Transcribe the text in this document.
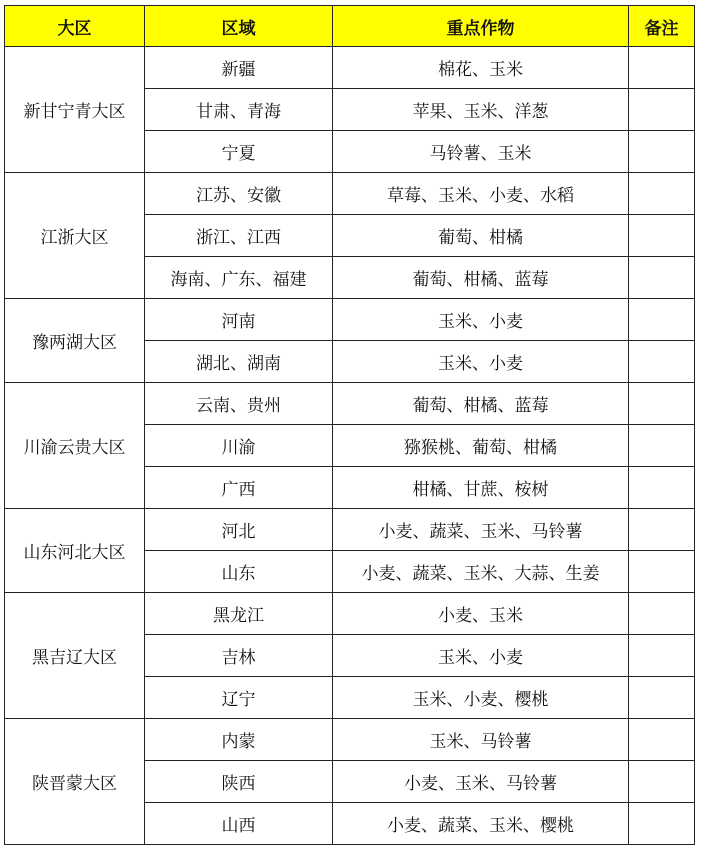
大区	区域	重点作物	备注
新甘宁青大区	新疆	棉花、玉米	
	甘肃、青海	苹果、玉米、洋葱	
	宁夏	马铃薯、玉米	
江浙大区	江苏、安徽	草莓、玉米、小麦、水稻	
	浙江、江西	葡萄、柑橘	
	海南、广东、福建	葡萄、柑橘、蓝莓	
豫两湖大区	河南	玉米、小麦	
	湖北、湖南	玉米、小麦	
川渝云贵大区	云南、贵州	葡萄、柑橘、蓝莓	
	川渝	猕猴桃、葡萄、柑橘	
	广西	柑橘、甘蔗、桉树	
山东河北大区	河北	小麦、蔬菜、玉米、马铃薯	
	山东	小麦、蔬菜、玉米、大蒜、生姜	
黑吉辽大区	黑龙江	小麦、玉米	
	吉林	玉米、小麦	
	辽宁	玉米、小麦、樱桃	
陕晋蒙大区	内蒙	玉米、马铃薯	
	陕西	小麦、玉米、马铃薯	
	山西	小麦、蔬菜、玉米、樱桃	
